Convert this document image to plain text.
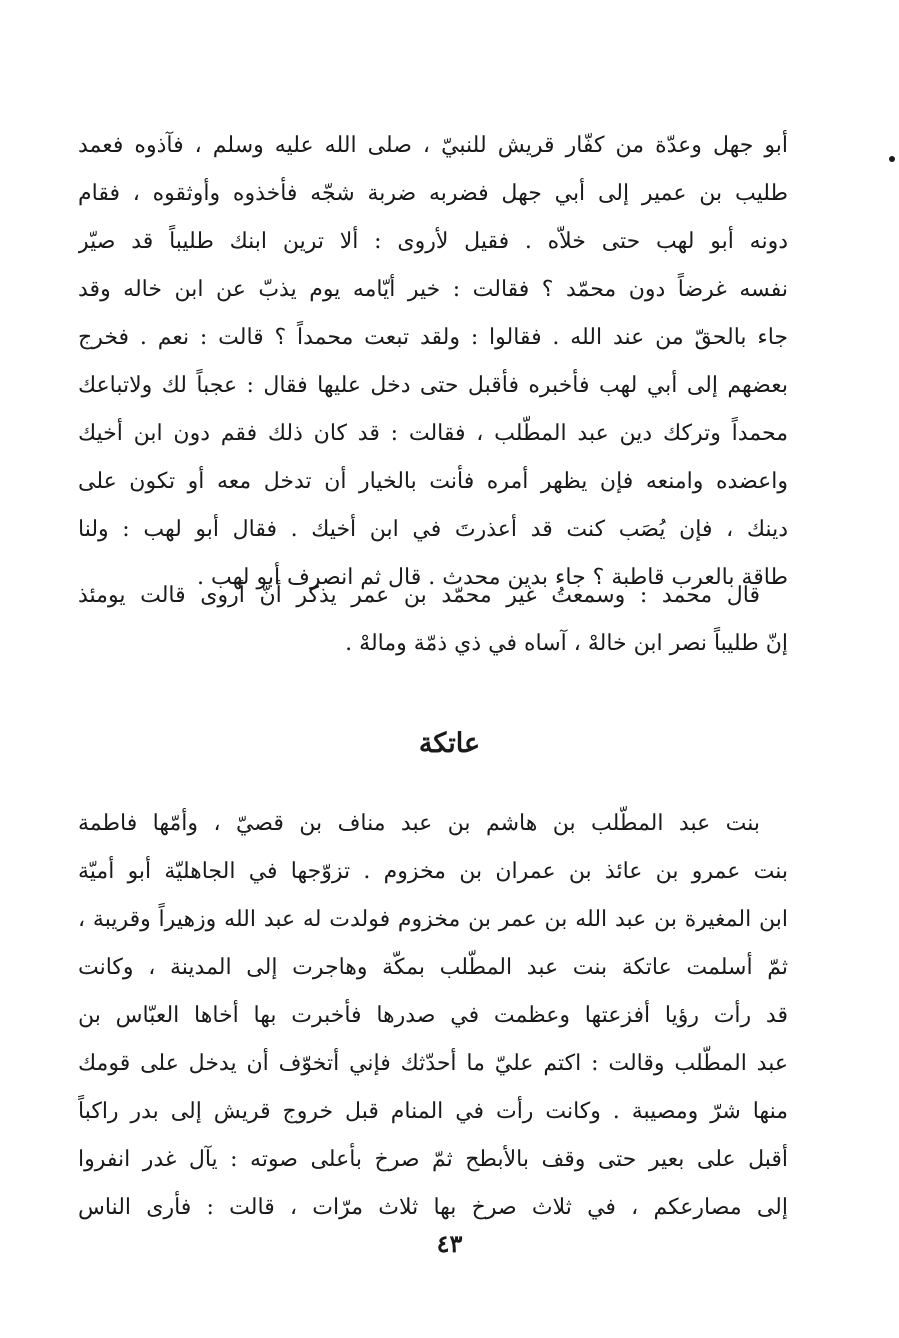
أبو جهل وعدّة من كفّار قريش للنبيّ ، صلى الله عليه وسلم ، فآذوه فعمد
طليب بن عمير إلى أبي جهل فضربه ضربة شجّه فأخذوه وأوثقوه ، فقام
دونه أبو لهب حتى خلاّه . فقيل لأروى : ألا ترين ابنك طليباً قد صيّر
نفسه غرضاً دون محمّد ؟ فقالت : خير أيّامه يوم يذبّ عن ابن خاله وقد
جاء بالحقّ من عند الله . فقالوا : ولقد تبعت محمداً ؟ قالت : نعم . فخرج
بعضهم إلى أبي لهب فأخبره فأقبل حتى دخل عليها فقال : عجباً لك ولاتباعك
محمداً وتركك دين عبد المطّلب ، فقالت : قد كان ذلك فقم دون ابن أخيك
واعضده وامنعه فإن يظهر أمره فأنت بالخيار أن تدخل معه أو تكون على
دينك ، فإن يُصَب كنت قد أعذرتَ في ابن أخيك . فقال أبو لهب : ولنا
طاقة بالعرب قاطبة ؟ جاء بدين محدث . قال ثم انصرف أبو لهب .
قال محمد : وسمعتُ غير محمّد بن عمر يذكر أنّ أروى قالت يومئذ
إنّ طليباً نصر ابن خالهْ ، آساه في ذي ذمّة ومالهْ .
عاتكة
بنت عبد المطّلب بن هاشم بن عبد مناف بن قصيّ ، وأمّها فاطمة
بنت عمرو بن عائذ بن عمران بن مخزوم . تزوّجها في الجاهليّة أبو أميّة
ابن المغيرة بن عبد الله بن عمر بن مخزوم فولدت له عبد الله وزهيراً وقريبة ،
ثمّ أسلمت عاتكة بنت عبد المطّلب بمكّة وهاجرت إلى المدينة ، وكانت
قد رأت رؤيا أفزعتها وعظمت في صدرها فأخبرت بها أخاها العبّاس بن
عبد المطّلب وقالت : اكتم عليّ ما أحدّثك فإني أتخوّف أن يدخل على قومك
منها شرّ ومصيبة . وكانت رأت في المنام قبل خروج قريش إلى بدر راكباً
أقبل على بعير حتى وقف بالأبطح ثمّ صرخ بأعلى صوته : يآل غدر انفروا
إلى مصارعكم ، في ثلاث صرخ بها ثلاث مرّات ، قالت : فأرى الناس
٤٣
